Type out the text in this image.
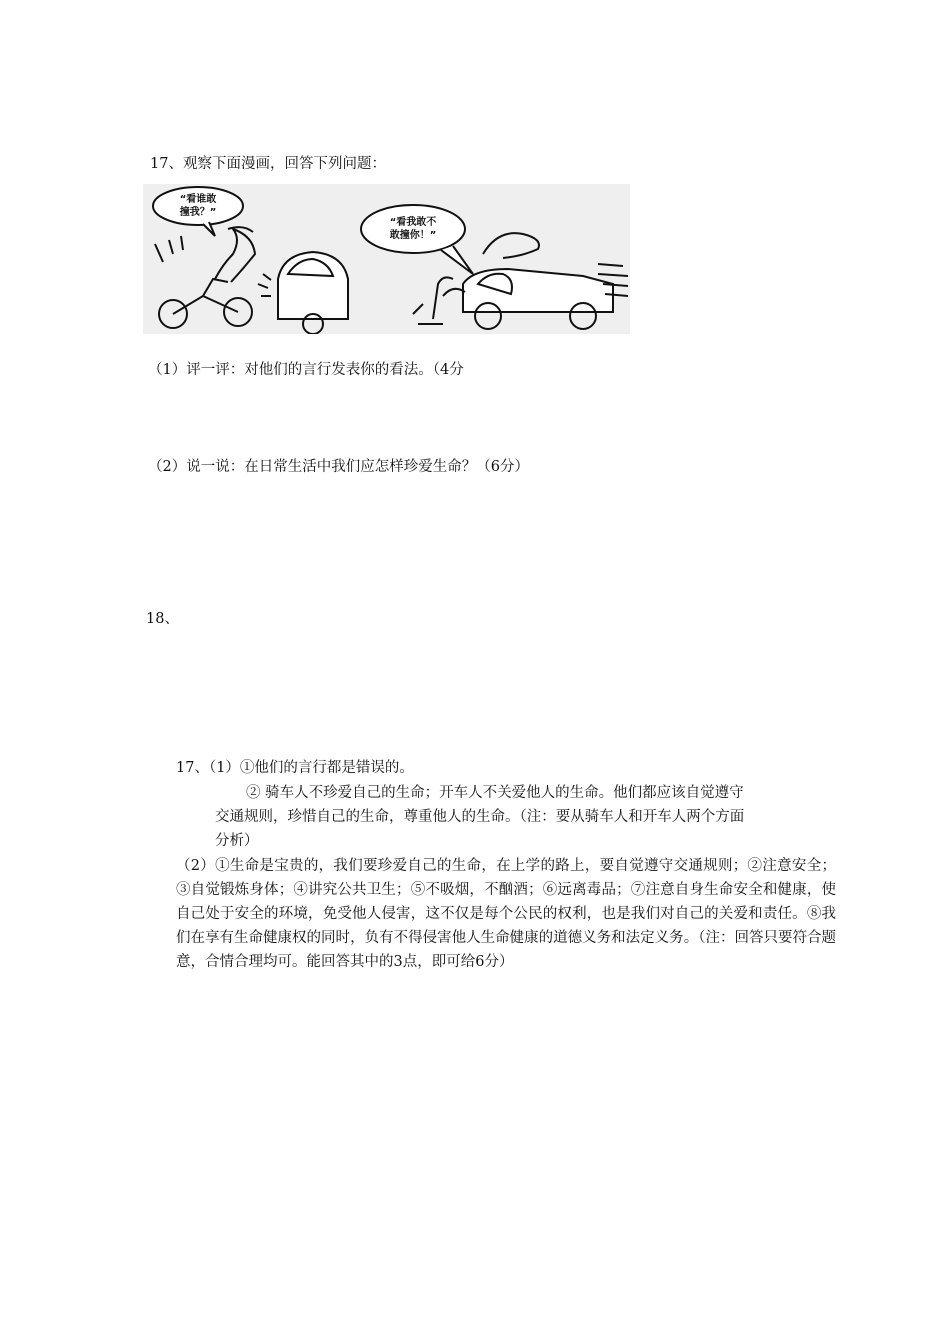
17、观察下面漫画，回答下列问题：
“看谁敢
撞我？”
“看我敢不
敢撞你！”
（1）评一评：对他们的言行发表你的看法。（4分
（2）说一说：在日常生活中我们应怎样珍爱生命？（6分）
18、
17、（1）①他们的言行都是错误的。
② 骑车人不珍爱自己的生命；开车人不关爱他人的生命。他们都应该自觉遵守
交通规则，珍惜自己的生命，尊重他人的生命。（注：要从骑车人和开车人两个方面
分析）
（2）①生命是宝贵的，我们要珍爱自己的生命，在上学的路上，要自觉遵守交通规则；②注意安全；③自觉锻炼身体；④讲究公共卫生；⑤不吸烟，不酗酒；⑥远离毒品；⑦注意自身生命安全和健康，使自己处于安全的环境，免受他人侵害，这不仅是每个公民的权利，也是我们对自己的关爱和责任。⑧我们在享有生命健康权的同时，负有不得侵害他人生命健康的道德义务和法定义务。（注：回答只要符合题意，合情合理均可。能回答其中的3点，即可给6分）
